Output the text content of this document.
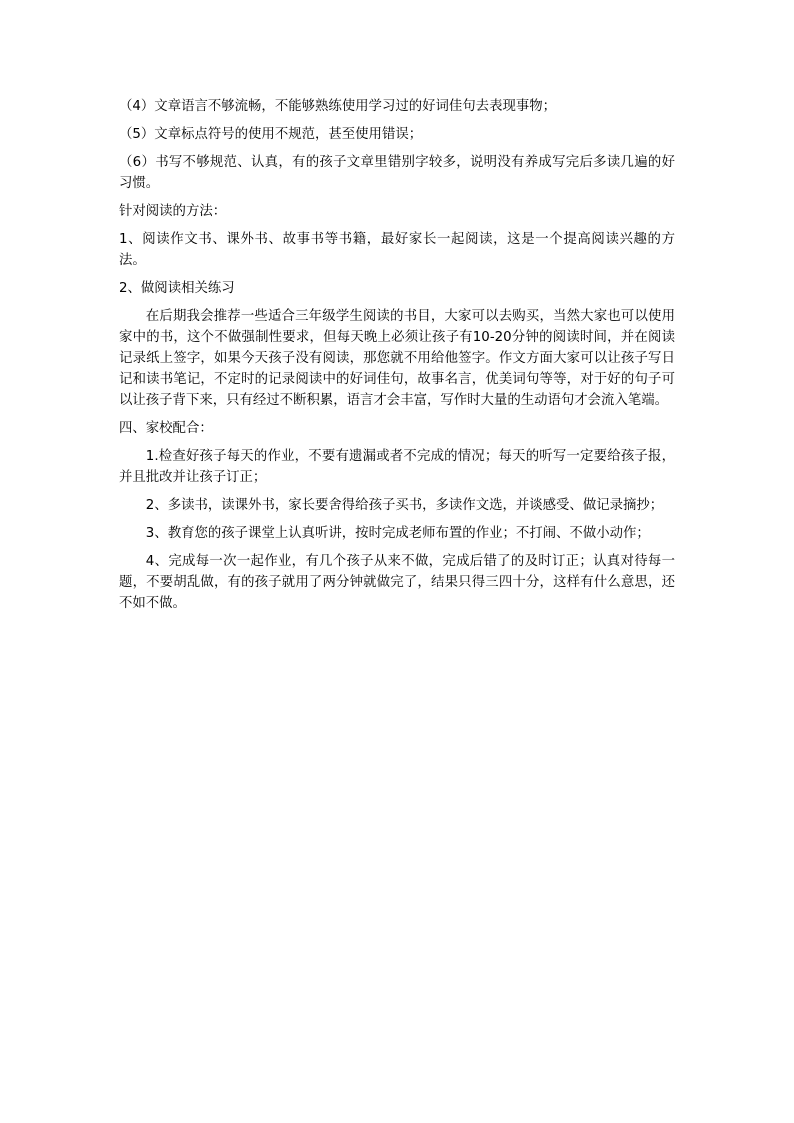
（4）文章语言不够流畅，不能够熟练使用学习过的好词佳句去表现事物；

（5）文章标点符号的使用不规范，甚至使用错误；

（6）书写不够规范、认真，有的孩子文章里错别字较多，说明没有养成写完后多读几遍的好习惯。

针对阅读的方法：

1、阅读作文书、课外书、故事书等书籍，最好家长一起阅读，这是一个提高阅读兴趣的方法。

2、做阅读相关练习

在后期我会推荐一些适合三年级学生阅读的书目，大家可以去购买，当然大家也可以使用家中的书，这个不做强制性要求，但每天晚上必须让孩子有10-20分钟的阅读时间，并在阅读记录纸上签字，如果今天孩子没有阅读，那您就不用给他签字。作文方面大家可以让孩子写日记和读书笔记，不定时的记录阅读中的好词佳句，故事名言，优美词句等等，对于好的句子可以让孩子背下来，只有经过不断积累，语言才会丰富，写作时大量的生动语句才会流入笔端。

四、家校配合：

1.检查好孩子每天的作业，不要有遗漏或者不完成的情况；每天的听写一定要给孩子报，并且批改并让孩子订正；

2、多读书，读课外书，家长要舍得给孩子买书，多读作文选，并谈感受、做记录摘抄；

3、教育您的孩子课堂上认真听讲，按时完成老师布置的作业；不打闹、不做小动作；

4、完成每一次一起作业，有几个孩子从来不做，完成后错了的及时订正；认真对待每一题，不要胡乱做，有的孩子就用了两分钟就做完了，结果只得三四十分，这样有什么意思，还不如不做。
